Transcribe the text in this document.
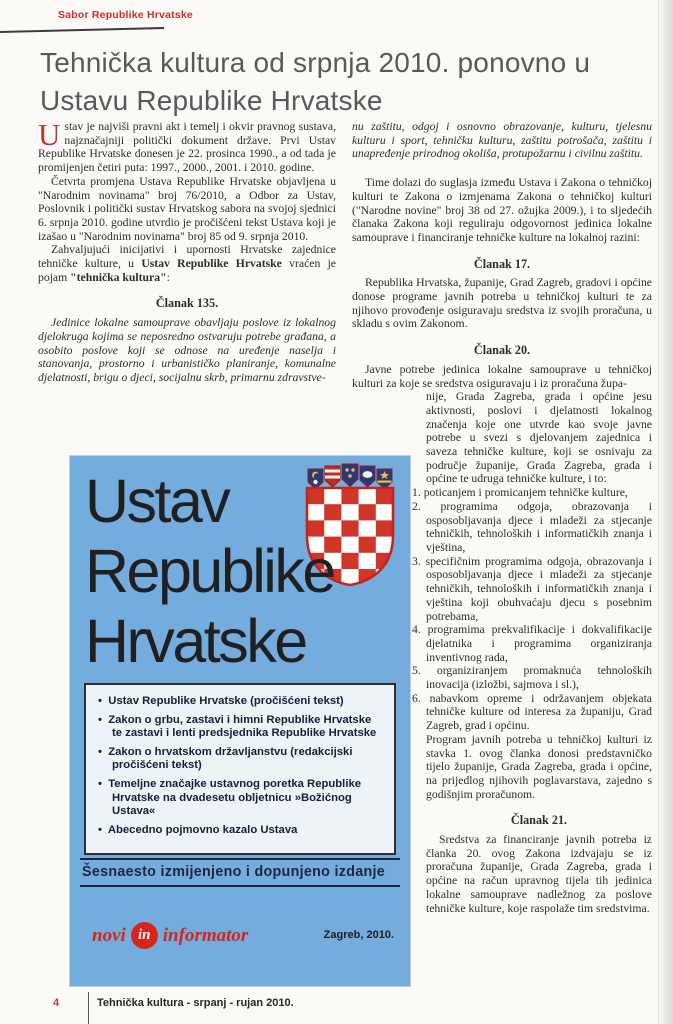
Sabor Republike Hrvatske
Tehnička kultura od srpnja 2010. ponovno u
Ustavu Republike Hrvatske

Ustav je najviši pravni akt i temelj i okvir pravnog sustava, najznačajniji politički dokument države. Prvi Ustav Republike Hrvatske donesen je 22. prosinca 1990., a od tada je promijenjen četiri puta: 1997., 2000., 2001. i 2010. godine.

Četvrta promjena Ustava Republike Hrvatske objavljena u "Narodnim novinama" broj 76/2010, a Odbor za Ustav, Poslovnik i politički sustav Hrvatskog sabora na svojoj sjednici 6. srpnja 2010. godine utvrdio je pročišćeni tekst Ustava koji je izašao u "Narodnim novinama" broj 85 od 9. srpnja 2010.

Zahvaljujući inicijativi i upornosti Hrvatske zajednice tehničke kulture, u Ustav Republike Hrvatske vraćen je pojam "tehnička kultura":

Članak 135.

Jedinice lokalne samouprave obavljaju poslove iz lokalnog djelokruga kojima se neposredno ostvaruju potrebe građana, a osobito poslove koji se odnose na uređenje naselja i stanovanja, prostorno i urbanističko planiranje, komunalne djelatnosti, brigu o djeci, socijalnu skrb, primarnu zdravstve-

nu zaštitu, odgoj i osnovno obrazovanje, kulturu, tjelesnu kulturu i sport, tehničku kulturu, zaštitu potrošača, zaštitu i unapređenje prirodnog okoliša, protupožarnu i civilnu zaštitu.

Time dolazi do suglasja između Ustava i Zakona o tehničkoj kulturi te Zakona o izmjenama Zakona o tehničkoj kulturi ("Narodne novine" broj 38 od 27. ožujka 2009.), i to sljedećih članaka Zakona koji reguliraju odgovornost jedinica lokalne samouprave i financiranje tehničke kulture na lokalnoj razini:

Članak 17.

Republika Hrvatska, županije, Grad Zagreb, gradovi i općine donose programe javnih potreba u tehničkoj kulturi te za njihovo provođenje osiguravaju sredstva iz svojih proračuna, u skladu s ovim Zakonom.

Članak 20.

Javne potrebe jedinica lokalne samouprave u tehničkoj kulturi za koje se sredstva osiguravaju i iz proračuna župa-

nije, Grada Zagreba, grada i općine jesu aktivnosti, poslovi i djelatnosti lokalnog značenja koje one utvrde kao svoje javne potrebe u svezi s djelovanjem zajednica i saveza tehničke kulture, koji se osnivaju za područje županije, Grada Zagreba, grada i općine te udruga tehničke kulture, i to:

1. poticanjem i promicanjem tehničke kulture,

2. programima odgoja, obrazovanja i osposobljavanja djece i mladeži za stjecanje tehničkih, tehnoloških i informatičkih znanja i vještina,

3. specifičnim programima odgoja, obrazovanja i osposobljavanja djece i mladeži za stjecanje tehničkih, tehnoloških i informatičkih znanja i vještina koji obuhvaćaju djecu s posebnim potrebama,

4. programima prekvalifikacije i dokvalifikacije djelatnika i programima organiziranja inventivnog rada,

5. organiziranjem promaknuća tehnoloških inovacija (izložbi, sajmova i sl.),

6. nabavkom opreme i održavanjem objekata tehničke kulture od interesa za županiju, Grad Zagreb, grad i općinu.

Program javnih potreba u tehničkoj kulturi iz stavka 1. ovog članka donosi predstavničko tijelo županije, Grada Zagreba, grada i općine, na prijedlog njihovih poglavarstava, zajedno s godišnjim proračunom.

Članak 21.

Sredstva za financiranje javnih potreba iz članka 20. ovog Zakona izdvajaju se iz proračuna županije, Grada Zagreba, grada i općine na račun upravnog tijela tih jedinica lokalne samouprave nadležnog za poslove tehničke kulture, koje raspolaže tim sredstvima.

Ustav
Republike
Hrvatske
•  Ustav Republike Hrvatske (pročišćeni tekst)
•  Zakon o grbu, zastavi i himni Republike Hrvatske te zastavi i lenti predsjednika Republike Hrvatske
•  Zakon o hrvatskom državljanstvu (redakcijski pročišćeni tekst)
•  Temeljne značajke ustavnog poretka Republike Hrvatske na dvadesetu obljetnicu »Božićnog Ustava«
•  Abecedno pojmovno kazalo Ustava
Šesnaesto izmijenjeno i dopunjeno izdanje
novi in informator	Zagreb, 2010.
4	Tehnička kultura - srpanj - rujan 2010.
